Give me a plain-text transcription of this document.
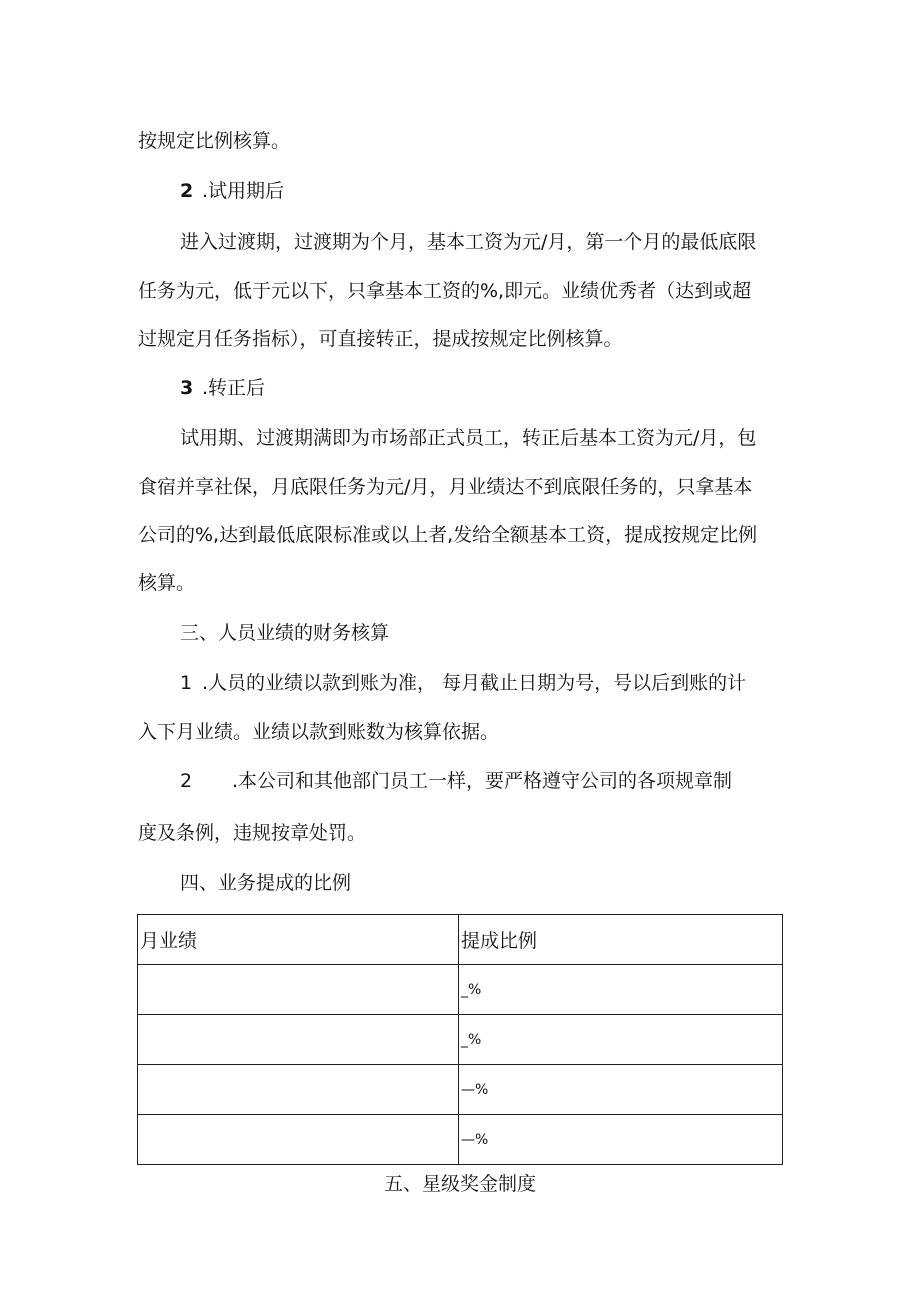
按规定比例核算。
2 .试用期后
进入过渡期，过渡期为个月，基本工资为元/月，第一个月的最低底限
任务为元，低于元以下，只拿基本工资的%,即元。业绩优秀者（达到或超
过规定月任务指标），可直接转正，提成按规定比例核算。
3 .转正后
试用期、过渡期满即为市场部正式员工，转正后基本工资为元/月，包
食宿并享社保，月底限任务为元/月，月业绩达不到底限任务的，只拿基本
公司的%,达到最低底限标准或以上者,发给全额基本工资，提成按规定比例
核算。
三、人员业绩的财务核算
1 .人员的业绩以款到账为准， 每月截止日期为号，号以后到账的计
入下月业绩。业绩以款到账数为核算依据。
2 .本公司和其他部门员工一样，要严格遵守公司的各项规章制
度及条例，违规按章处罚。
四、业务提成的比例
月业绩	提成比例
	_%
	_%
	—%
	—%
五、星级奖金制度
